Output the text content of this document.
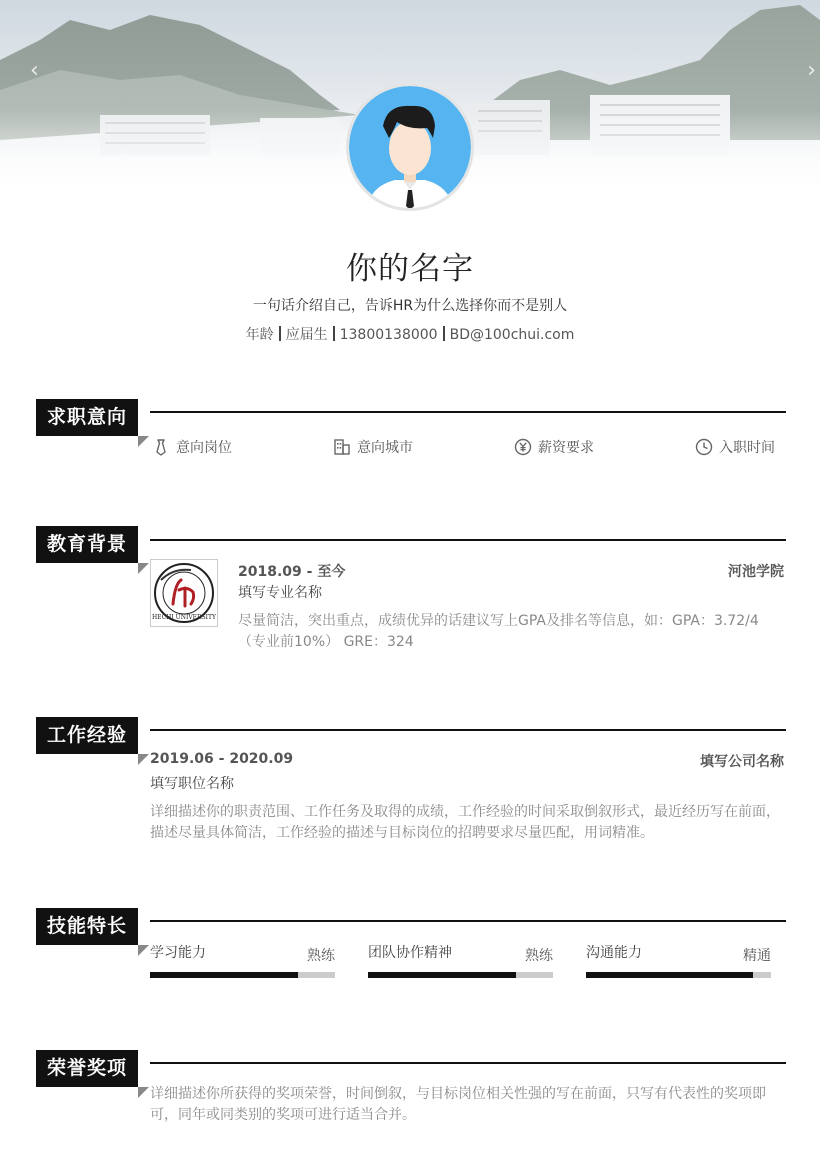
‹	›
你的名字
一句话介绍自己，告诉HR为什么选择你而不是别人
年龄 应届生 13800138000 BD@100chui.com
求职意向
意向岗位	意向城市	薪资要求	入职时间
教育背景
HECHI UNIVERSITY
2018.09 - 至今	河池学院
填写专业名称
尽量简洁，突出重点，成绩优异的话建议写上GPA及排名等信息，如：GPA：3.72/4（专业前10%） GRE：324
工作经验
2019.06 - 2020.09	填写公司名称
填写职位名称
详细描述你的职责范围、工作任务及取得的成绩，工作经验的时间采取倒叙形式，最近经历写在前面，描述尽量具体简洁，工作经验的描述与目标岗位的招聘要求尽量匹配，用词精准。
技能特长
学习能力	熟练 团队协作精神	熟练 沟通能力	精通
荣誉奖项
详细描述你所获得的奖项荣誉，时间倒叙，与目标岗位相关性强的写在前面，只写有代表性的奖项即可，同年或同类别的奖项可进行适当合并。
